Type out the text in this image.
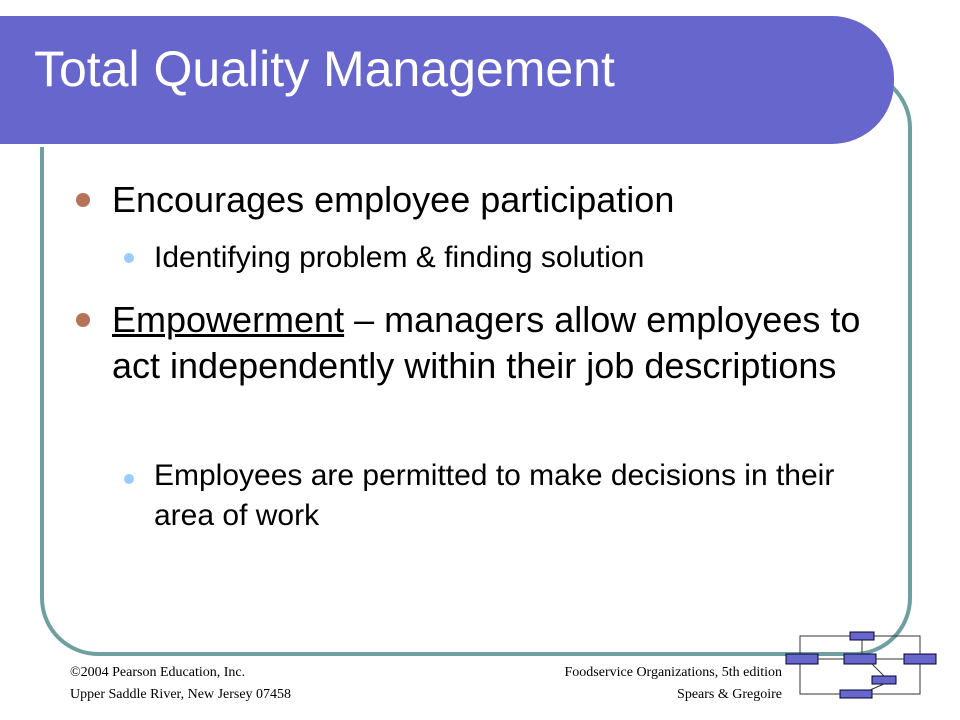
Total Quality Management
Encourages employee participation
Identifying problem & finding solution
Empowerment – managers allow employees to act independently within their job descriptions
Employees are permitted to make decisions in their area of work
©2004 Pearson Education, Inc.
Upper Saddle River, New Jersey 07458
Foodservice Organizations, 5th edition
Spears & Gregoire
